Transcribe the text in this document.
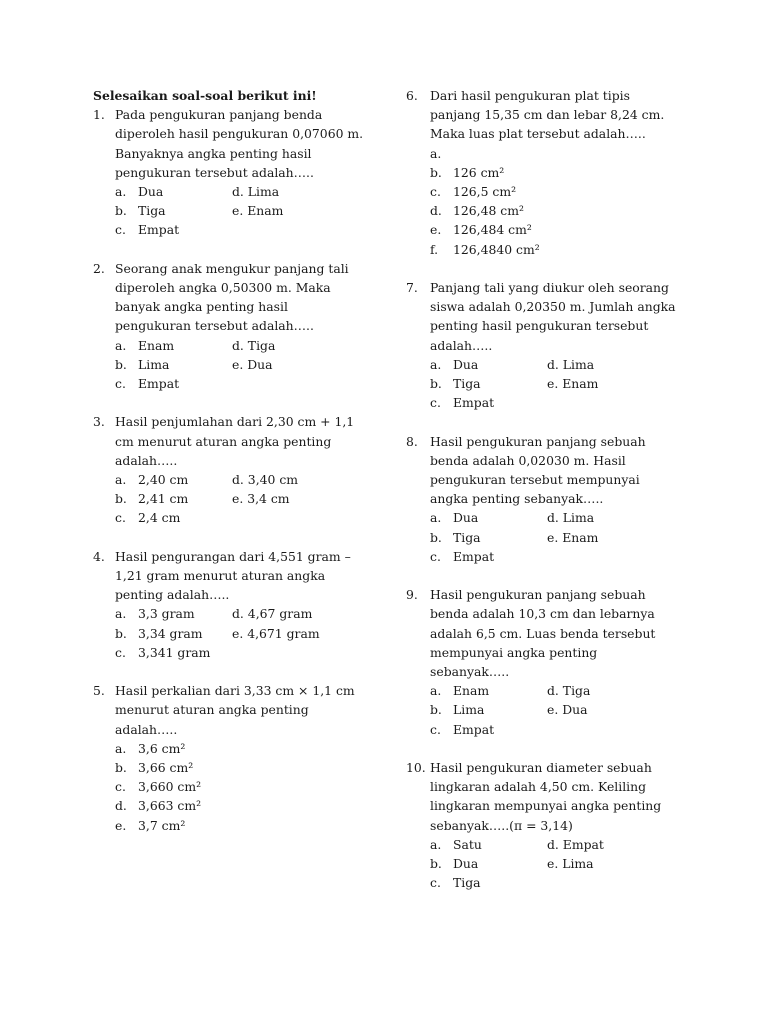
Selesaikan soal-soal berikut ini!
1. Pada pengukuran panjang benda
diperoleh hasil pengukuran 0,07060 m.
Banyaknya angka penting hasil
pengukuran tersebut adalah…..
a. Dua	d. Lima
b. Tiga	e. Enam
c. Empat
2. Seorang anak mengukur panjang tali
diperoleh angka 0,50300 m. Maka
banyak angka penting hasil
pengukuran tersebut adalah…..
a. Enam	d. Tiga
b. Lima	e. Dua
c. Empat
3. Hasil penjumlahan dari 2,30 cm + 1,1
cm menurut aturan angka penting
adalah…..
a. 2,40 cm	d. 3,40 cm
b. 2,41 cm	e. 3,4 cm
c. 2,4 cm
4. Hasil pengurangan dari 4,551 gram –
1,21 gram menurut aturan angka
penting adalah…..
a. 3,3 gram	d. 4,67 gram
b. 3,34 gram	e. 4,671 gram
c. 3,341 gram
5. Hasil perkalian dari 3,33 cm × 1,1 cm
menurut aturan angka penting
adalah…..
a. 3,6 cm²
b. 3,66 cm²
c. 3,660 cm²
d. 3,663 cm²
e. 3,7 cm²
6. Dari hasil pengukuran plat tipis
panjang 15,35 cm dan lebar 8,24 cm.
Maka luas plat tersebut adalah…..
a.
b. 126 cm²
c. 126,5 cm²
d. 126,48 cm²
e. 126,484 cm²
f.	126,4840 cm²
7. Panjang tali yang diukur oleh seorang
siswa adalah 0,20350 m. Jumlah angka
penting hasil pengukuran tersebut
adalah…..
a. Dua	d. Lima
b. Tiga	e. Enam
c. Empat
8. Hasil pengukuran panjang sebuah
benda adalah 0,02030 m. Hasil
pengukuran tersebut mempunyai
angka penting sebanyak…..
a. Dua	d. Lima
b. Tiga	e. Enam
c. Empat
9. Hasil pengukuran panjang sebuah
benda adalah 10,3 cm dan lebarnya
adalah 6,5 cm. Luas benda tersebut
mempunyai angka penting
sebanyak…..
a. Enam	d. Tiga
b. Lima	e. Dua
c. Empat
10. Hasil pengukuran diameter sebuah
lingkaran adalah 4,50 cm. Keliling
lingkaran mempunyai angka penting
sebanyak…..(π = 3,14)
a. Satu	d. Empat
b. Dua	e. Lima
c. Tiga
